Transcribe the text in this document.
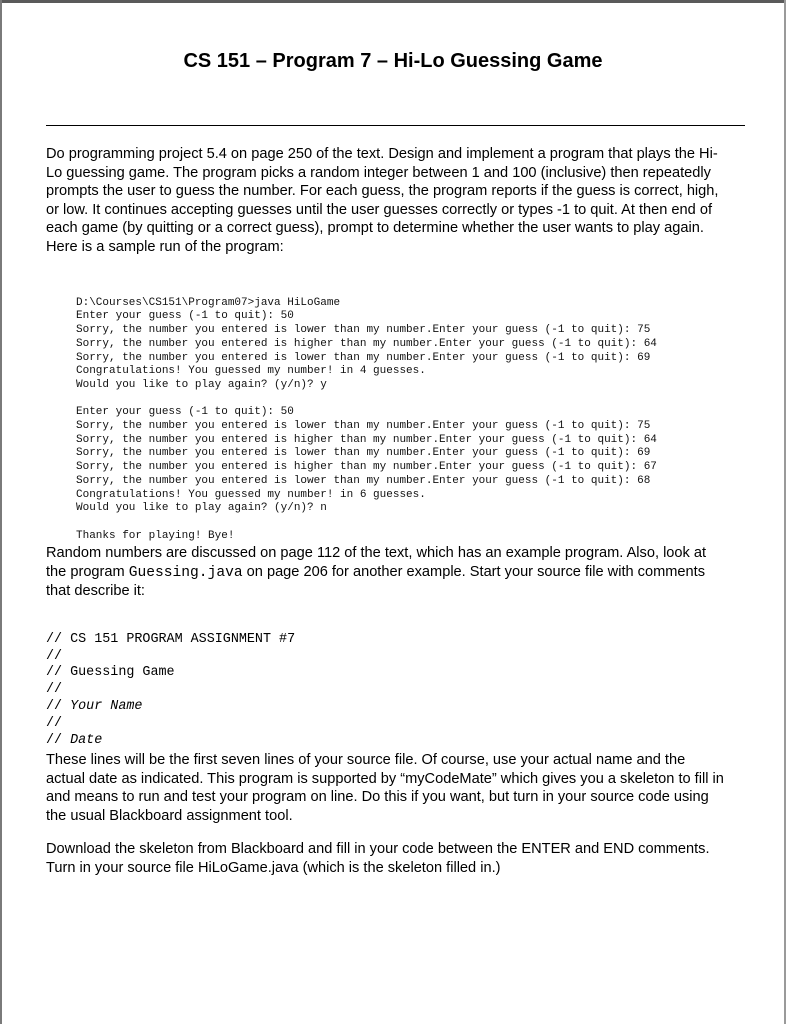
CS 151 – Program 7 – Hi-Lo Guessing Game
Do programming project 5.4 on page 250 of the text. Design and implement a program that plays the Hi-
Lo guessing game. The program picks a random integer between 1 and 100 (inclusive) then repeatedly
prompts the user to guess the number. For each guess, the program reports if the guess is correct, high,
or low. It continues accepting guesses until the user guesses correctly or types -1 to quit. At then end of
each game (by quitting or a correct guess), prompt to determine whether the user wants to play again.
Here is a sample run of the program:

D:\Courses\CS151\Program07>java HiLoGame
Enter your guess (-1 to quit): 50
Sorry, the number you entered is lower than my number.Enter your guess (-1 to quit): 75
Sorry, the number you entered is higher than my number.Enter your guess (-1 to quit): 64
Sorry, the number you entered is lower than my number.Enter your guess (-1 to quit): 69
Congratulations! You guessed my number! in 4 guesses.
Would you like to play again? (y/n)? y
Enter your guess (-1 to quit): 50
Sorry, the number you entered is lower than my number.Enter your guess (-1 to quit): 75
Sorry, the number you entered is higher than my number.Enter your guess (-1 to quit): 64
Sorry, the number you entered is lower than my number.Enter your guess (-1 to quit): 69
Sorry, the number you entered is higher than my number.Enter your guess (-1 to quit): 67
Sorry, the number you entered is lower than my number.Enter your guess (-1 to quit): 68
Congratulations! You guessed my number! in 6 guesses.
Would you like to play again? (y/n)? n
Thanks for playing! Bye!

Random numbers are discussed on page 112 of the text, which has an example program. Also, look at
the program Guessing.java on page 206 for another example. Start your source file with comments
that describe it:

// CS 151 PROGRAM ASSIGNMENT #7
//
// Guessing Game
//
// Your Name
//
// Date

These lines will be the first seven lines of your source file. Of course, use your actual name and the
actual date as indicated. This program is supported by “myCodeMate” which gives you a skeleton to fill in
and means to run and test your program on line. Do this if you want, but turn in your source code using
the usual Blackboard assignment tool.
Download the skeleton from Blackboard and fill in your code between the ENTER and END comments.
Turn in your source file HiLoGame.java (which is the skeleton filled in.)
